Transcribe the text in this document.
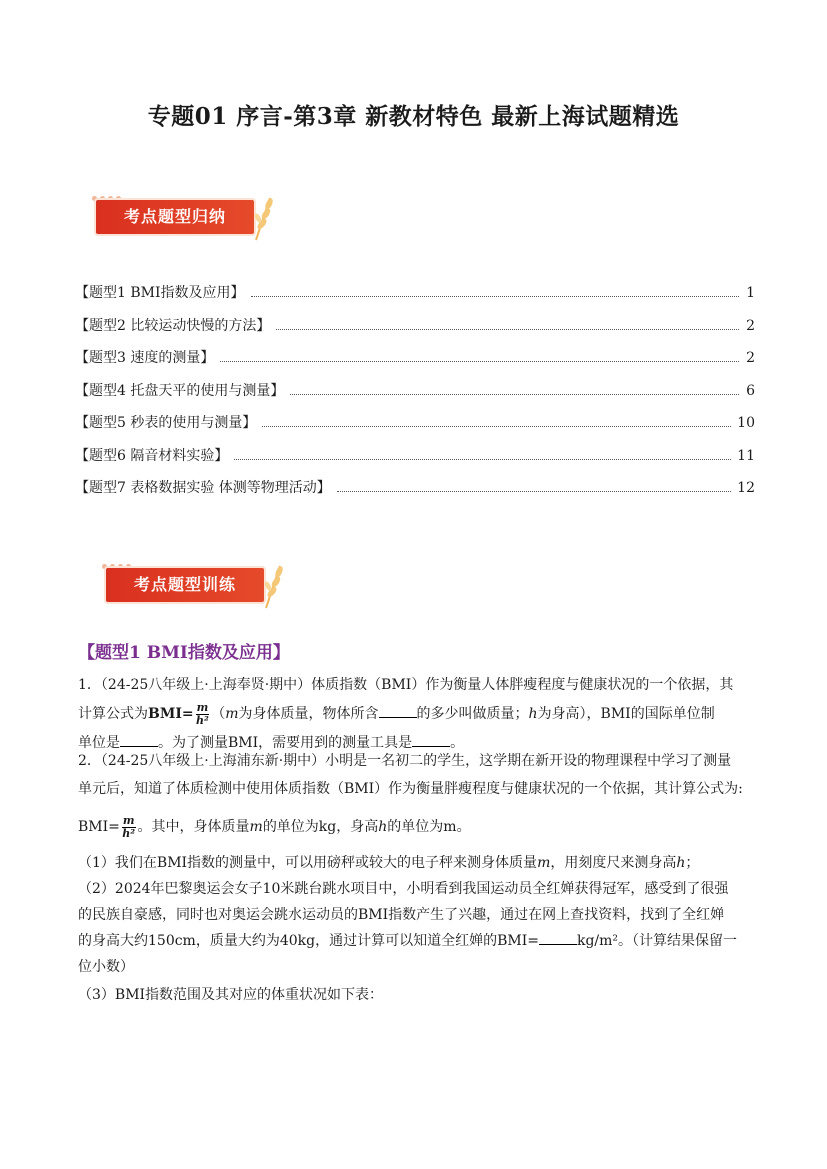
专题01 序言-第3章 新教材特色 最新上海试题精选
考点题型归纳
【题型1 BMI指数及应用】	1
【题型2 比较运动快慢的方法】	2
【题型3 速度的测量】	2
【题型4 托盘天平的使用与测量】	6
【题型5 秒表的使用与测量】	10
【题型6 隔音材料实验】	11
【题型7 表格数据实验 体测等物理活动】	12
考点题型训练
【题型1 BMI指数及应用】
1．（24-25八年级上·上海奉贤·期中）体质指数（BMI）作为衡量人体胖瘦程度与健康状况的一个依据，其
计算公式为$BMI= \frac{m}{\text{h²}} (m$为身体质量，物体所含	的多少叫做质量；h为身高），BMI的国际单位制
单位是	。为了测量BMI，需要用到的测量工具是	。
2．（24-25八年级上·上海浦东新·期中）小明是一名初二的学生，这学期在新开设的物理课程中学习了测量
单元后，知道了体质检测中使用体质指数（BMI）作为衡量胖瘦程度与健康状况的一个依据，其计算公式为:
$BMI= \frac{m}{\text{h²}}$ 。其中，身体质量m的单位为kg，身高h的单位为m。
（1）我们在BMI指数的测量中，可以用磅秤或较大的电子秤来测身体质量m，用刻度尺来测身高h；
（2）2024年巴黎奥运会女子10米跳台跳水项目中，小明看到我国运动员全红婵获得冠军，感受到了很强
的民族自豪感，同时也对奥运会跳水运动员的BMI指数产生了兴趣，通过在网上查找资料，找到了全红婵
的身高大约150cm，质量大约为40kg，通过计算可以知道全红婵的BMI=	kg/m²。（计算结果保留一
位小数）
（3）BMI指数范围及其对应的体重状况如下表：
